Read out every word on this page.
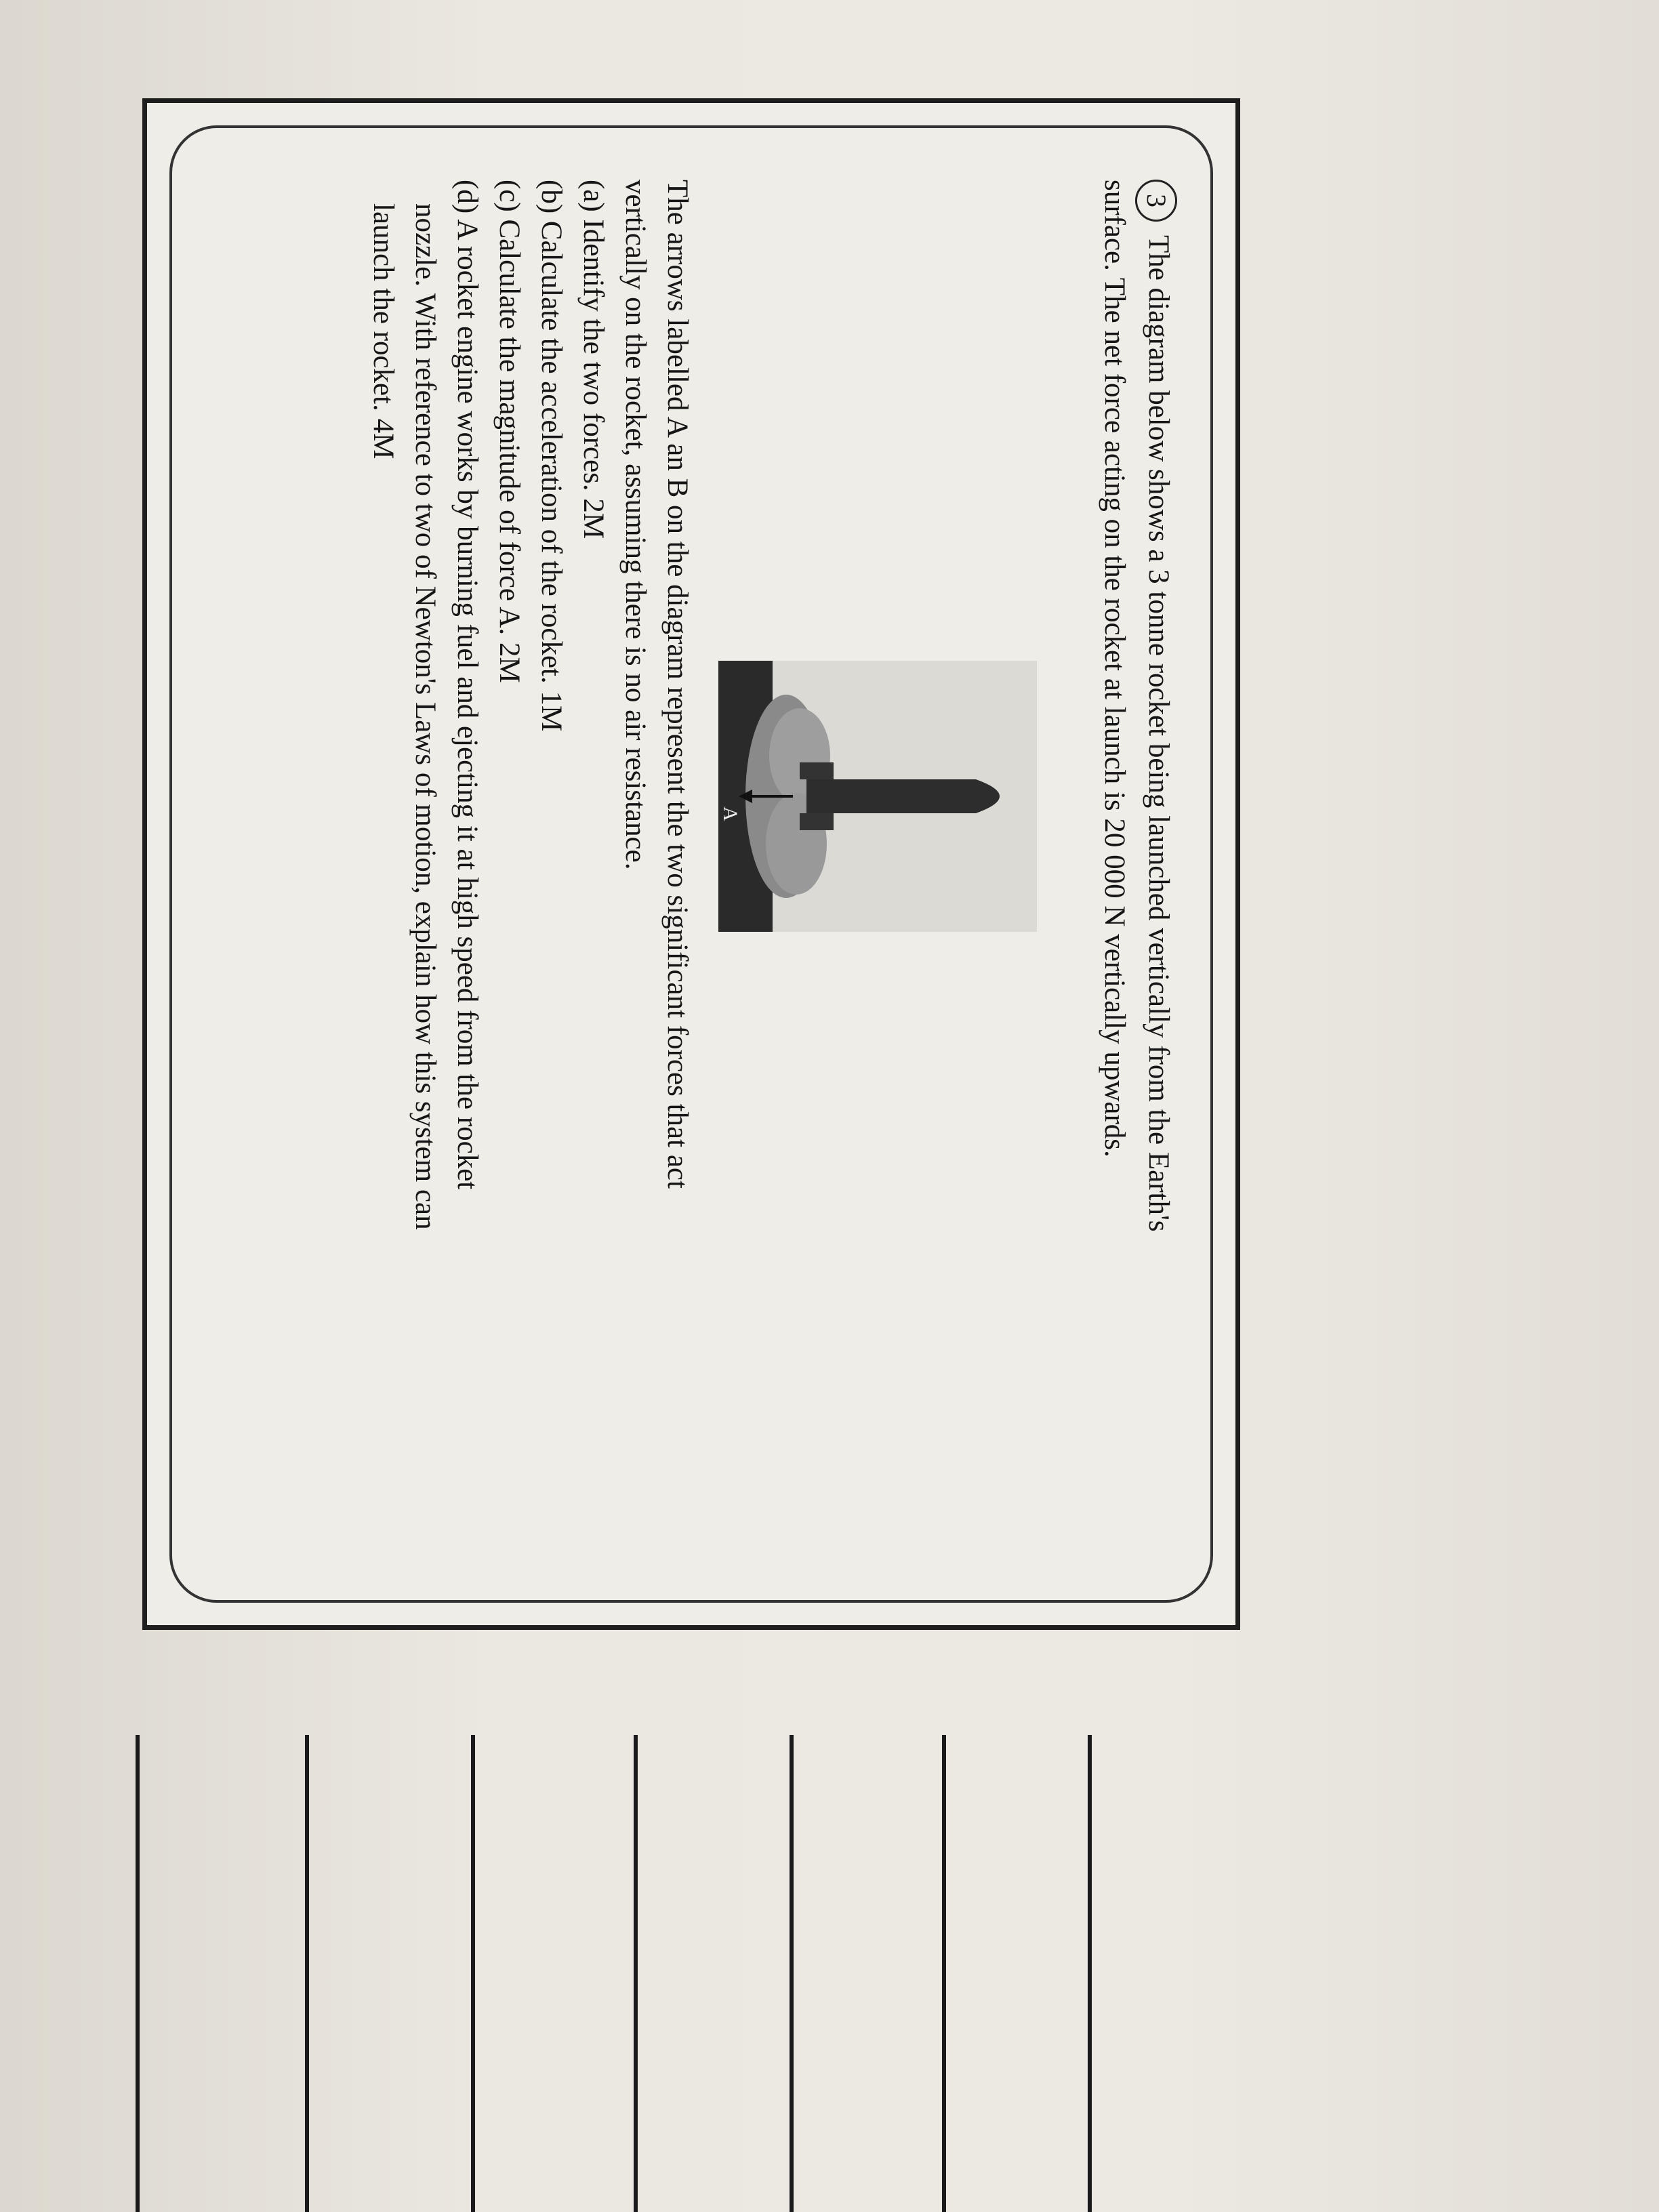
3 The diagram below shows a 3 tonne rocket being launched vertically from the Earth's
surface. The net force acting on the rocket at launch is 20 000 N vertically upwards.
A
The arrows labelled A an B on the diagram represent the two significant forces that act
vertically on the rocket, assuming there is no air resistance.
(a) Identify the two forces. 2M
(b) Calculate the acceleration of the rocket. 1M
(c) Calculate the magnitude of force A. 2M
(d) A rocket engine works by burning fuel and ejecting it at high speed from the rocket
nozzle. With reference to two of Newton's Laws of motion, explain how this system can
launch the rocket. 4M
